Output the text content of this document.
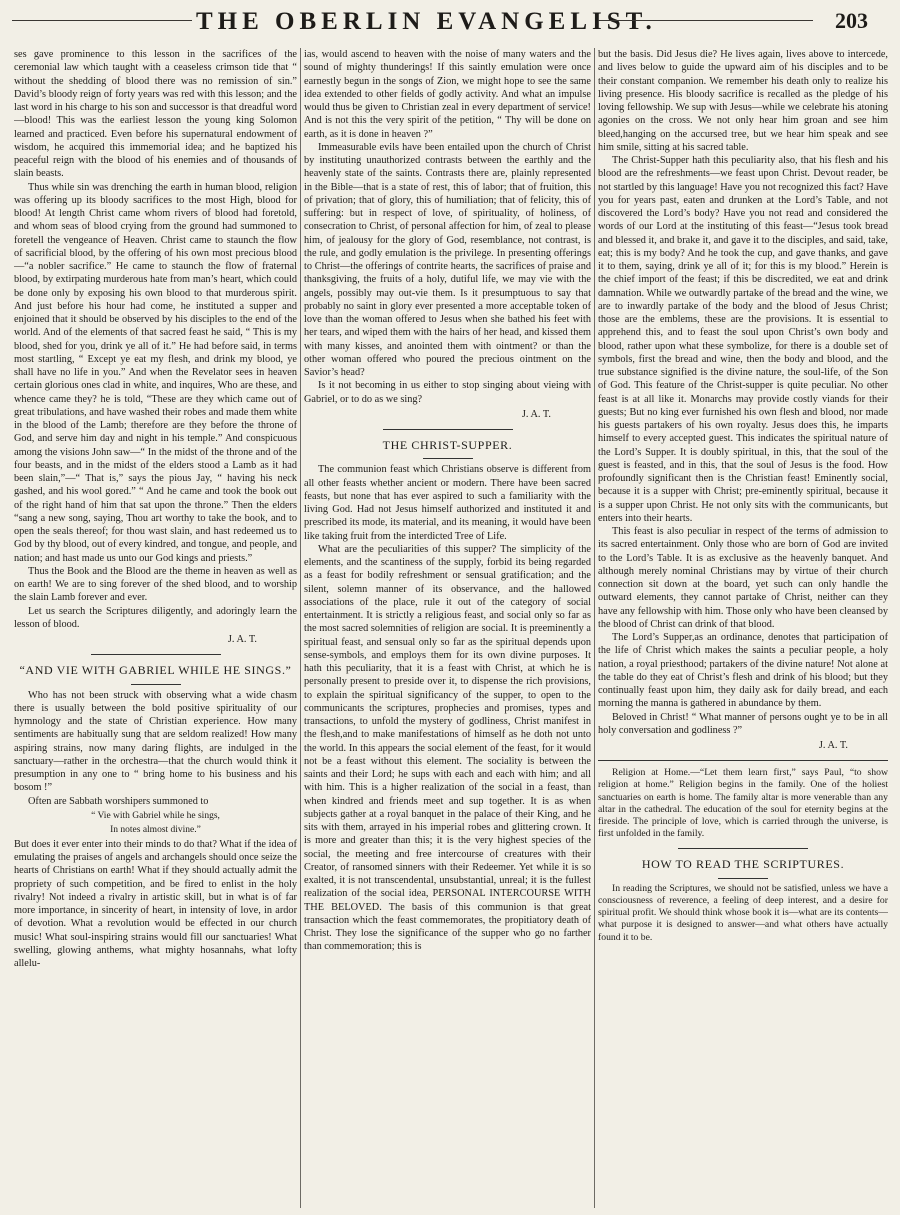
THE OBERLIN EVANGELIST.	203

ses gave prominence to this lesson in the sacrifices of the ceremonial law which taught with a ceaseless crimson tide that “ without the shedding of blood there was no remission of sin.” David’s bloody reign of forty years was red with this lesson; and the last word in his charge to his son and successor is that dreadful word—blood! This was the earliest lesson the young king Solomon learned and practiced. Even before his supernatural endowment of wisdom, he acquired this immemorial idea; and he baptized his peaceful reign with the blood of his enemies and of thousands of slain beasts.

Thus while sin was drenching the earth in human blood, religion was offering up its bloody sacrifices to the most High, blood for blood! At length Christ came whom rivers of blood had foretold, and whom seas of blood crying from the ground had summoned to foretell the vengeance of Heaven. Christ came to staunch the flow of sacrificial blood, by the offering of his own most precious blood—“a nobler sacrifice.” He came to staunch the flow of fraternal blood, by extirpating murderous hate from man’s heart, which could be done only by exposing his own blood to that murderous spirit. And just before his hour had come, he instituted a supper and enjoined that it should be observed by his disciples to the end of the world. And of the elements of that sacred feast he said, “ This is my blood, shed for you, drink ye all of it.” He had before said, in terms most startling, “ Except ye eat my flesh, and drink my blood, ye shall have no life in you.” And when the Revelator sees in heaven certain glorious ones clad in white, and inquires, Who are these, and whence came they? he is told, “These are they which came out of great tribulations, and have washed their robes and made them white in the blood of the Lamb; therefore are they before the throne of God, and serve him day and night in his temple.” And conspicuous among the visions John saw—“ In the midst of the throne and of the four beasts, and in the midst of the elders stood a Lamb as it had been slain,”—“ That is,” says the pious Jay, “ having his neck gashed, and his wool gored.” “ And he came and took the book out of the right hand of him that sat upon the throne.” Then the elders “sang a new song, saying, Thou art worthy to take the book, and to open the seals thereof; for thou wast slain, and hast redeemed us to God by thy blood, out of every kindred, and tongue, and people, and nation; and hast made us unto our God kings and priests.”

Thus the Book and the Blood are the theme in heaven as well as on earth! We are to sing forever of the shed blood, and to worship the slain Lamb forever and ever.

Let us search the Scriptures diligently, and adoringly learn the lesson of blood.

J. A. T.
“AND VIE WITH GABRIEL WHILE HE SINGS.”

Who has not been struck with observing what a wide chasm there is usually between the bold positive spirituality of our hymnology and the state of Christian experience. How many sentiments are habitually sung that are seldom realized! How many aspiring strains, now many daring flights, are indulged in the sanctuary—rather in the orchestra—that the church would think it presumption in any one to “ bring home to his business and his bosom !”

Often are Sabbath worshipers summoned to

“ Vie with Gabriel while he sings,
In notes almost divine.”

But does it ever enter into their minds to do that? What if the idea of emulating the praises of angels and archangels should once seize the hearts of Christians on earth! What if they should actually admit the propriety of such competition, and be fired to enlist in the holy rivalry! Not indeed a rivalry in artistic skill, but in what is of far more importance, in sincerity of heart, in intensity of love, in ardor of devotion. What a revolution would be effected in our church music! What soul-inspiring strains would fill our sanctuaries! What swelling, glowing anthems, what mighty hosannahs, what lofty allelu-

ias, would ascend to heaven with the noise of many waters and the sound of mighty thunderings! If this saintly emulation were once earnestly begun in the songs of Zion, we might hope to see the same idea extended to other fields of godly activity. And what an impulse would thus be given to Christian zeal in every department of service! And is not this the very spirit of the petition, “ Thy will be done on earth, as it is done in heaven ?”

Immeasurable evils have been entailed upon the church of Christ by instituting unauthorized contrasts between the earthly and the heavenly state of the saints. Contrasts there are, plainly represented in the Bible—that is a state of rest, this of labor; that of fruition, this of privation; that of glory, this of humiliation; that of felicity, this of suffering: but in respect of love, of spirituality, of holiness, of consecration to Christ, of personal affection for him, of zeal to please him, of jealousy for the glory of God, resemblance, not contrast, is the rule, and godly emulation is the privilege. In presenting offerings to Christ—the offerings of contrite hearts, the sacrifices of praise and thanksgiving, the fruits of a holy, dutiful life, we may vie with the angels, possibly may out-vie them. Is it presumptuous to say that probably no saint in glory ever presented a more acceptable token of love than the woman offered to Jesus when she bathed his feet with her tears, and wiped them with the hairs of her head, and kissed them with many kisses, and anointed them with ointment? or than the other woman offered who poured the precious ointment on the Savior’s head?

Is it not becoming in us either to stop singing about vieing with Gabriel, or to do as we sing?

J. A. T.
THE CHRIST-SUPPER.

The communion feast which Christians observe is different from all other feasts whether ancient or modern. There have been sacred feasts, but none that has ever aspired to such a familiarity with the living God. Had not Jesus himself authorized and instituted it and prescribed its mode, its material, and its meaning, it would have been like taking fruit from the interdicted Tree of Life.

What are the peculiarities of this supper? The simplicity of the elements, and the scantiness of the supply, forbid its being regarded as a feast for bodily refreshment or sensual gratification; and the silent, solemn manner of its observance, and the hallowed associations of the place, rule it out of the category of social entertainment. It is strictly a religious feast, and social only so far as the most sacred solemnities of religion are social. It is preeminently a spiritual feast, and sensual only so far as the spiritual depends upon sense-symbols, and employs them for its own divine purposes. It hath this peculiarity, that it is a feast with Christ, at which he is personally present to preside over it, to dispense the rich provisions, to explain the spiritual significancy of the supper, to open to the communicants the scriptures, prophecies and promises, types and transactions, to unfold the mystery of godliness, Christ manifest in the flesh,and to make manifestations of himself as he doth not unto the world. In this appears the social element of the feast, for it would not be a feast without this element. The sociality is between the saints and their Lord; he sups with each and each with him; and all with him. This is a higher realization of the social in a feast, than when kindred and friends meet and sup together. It is as when subjects gather at a royal banquet in the palace of their King, and he sits with them, arrayed in his imperial robes and glittering crown. It is more and greater than this; it is the very highest species of the social, the meeting and free intercourse of creatures with their Creator, of ransomed sinners with their Redeemer. Yet while it is so exalted, it is not transcendental, unsubstantial, unreal; it is the fullest realization of the social idea, PERSONAL INTERCOURSE WITH THE BELOVED. The basis of this communion is that great transaction which the feast commemorates, the propitiatory death of Christ. They lose the significance of the supper who go no farther than commemoration; this is

but the basis. Did Jesus die? He lives again, lives above to intercede, and lives below to guide the upward aim of his disciples and to be their constant companion. We remember his death only to realize his living presence. His bloody sacrifice is recalled as the pledge of his loving fellowship. We sup with Jesus—while we celebrate his atoning agonies on the cross. We not only hear him groan and see him bleed,hanging on the accursed tree, but we hear him speak and see him smile, sitting at his sacred table.

The Christ-Supper hath this peculiarity also, that his flesh and his blood are the refreshments—we feast upon Christ. Devout reader, be not startled by this language! Have you not recognized this fact? Have you for years past, eaten and drunken at the Lord’s Table, and not discovered the Lord’s body? Have you not read and considered the words of our Lord at the instituting of this feast—“Jesus took bread and blessed it, and brake it, and gave it to the disciples, and said, take, eat; this is my body? And he took the cup, and gave thanks, and gave it to them, saying, drink ye all of it; for this is my blood.” Herein is the chief import of the feast; if this be discredited, we eat and drink damnation. While we outwardly partake of the bread and the wine, we are to inwardly partake of the body and the blood of Jesus Christ; those are the emblems, these are the provisions. It is essential to apprehend this, and to feast the soul upon Christ’s own body and blood, rather upon what these symbolize, for there is a double set of symbols, first the bread and wine, then the body and blood, and the true substance signified is the divine nature, the soul-life, of the Son of God. This feature of the Christ-supper is quite peculiar. No other feast is at all like it. Monarchs may provide costly viands for their guests; But no king ever furnished his own flesh and blood, nor made his guests partakers of his own royalty. Jesus does this, he imparts himself to every accepted guest. This indicates the spiritual nature of the Lord’s Supper. It is doubly spiritual, in this, that the soul of the guest is feasted, and in this, that the soul of Jesus is the food. How profoundly significant then is the Christian feast! Eminently social, because it is a supper with Christ; pre-eminently spiritual, because it is a supper upon Christ. He not only sits with the communicants, but enters into their hearts.

This feast is also peculiar in respect of the terms of admission to its sacred entertainment. Only those who are born of God are invited to the Lord’s Table. It is as exclusive as the heavenly banquet. And although merely nominal Christians may by virtue of their church connection sit down at the board, yet such can only handle the outward elements, they cannot partake of Christ, neither can they have any fellowship with him. Those only who have been cleansed by the blood of Christ can drink of that blood.

The Lord’s Supper,as an ordinance, denotes that participation of the life of Christ which makes the saints a peculiar people, a holy nation, a royal priesthood; partakers of the divine nature! Not alone at the table do they eat of Christ’s flesh and drink of his blood; but they continually feast upon him, they daily ask for daily bread, and each morning the manna is gathered in abundance by them.

Beloved in Christ! “ What manner of persons ought ye to be in all holy conversation and godliness ?”

J. A. T.

Religion at Home.—“Let them learn first,” says Paul, “to show religion at home.” Religion begins in the family. One of the holiest sanctuaries on earth is home. The family altar is more venerable than any altar in the cathedral. The education of the soul for eternity begins at the fireside. The principle of love, which is carried through the universe, is first unfolded in the family.

HOW TO READ THE SCRIPTURES.

In reading the Scriptures, we should not be satisfied, unless we have a consciousness of reverence, a feeling of deep interest, and a desire for spiritual profit. We should think whose book it is—what are its contents—what purpose it is designed to answer—and what others have actually found it to be.
